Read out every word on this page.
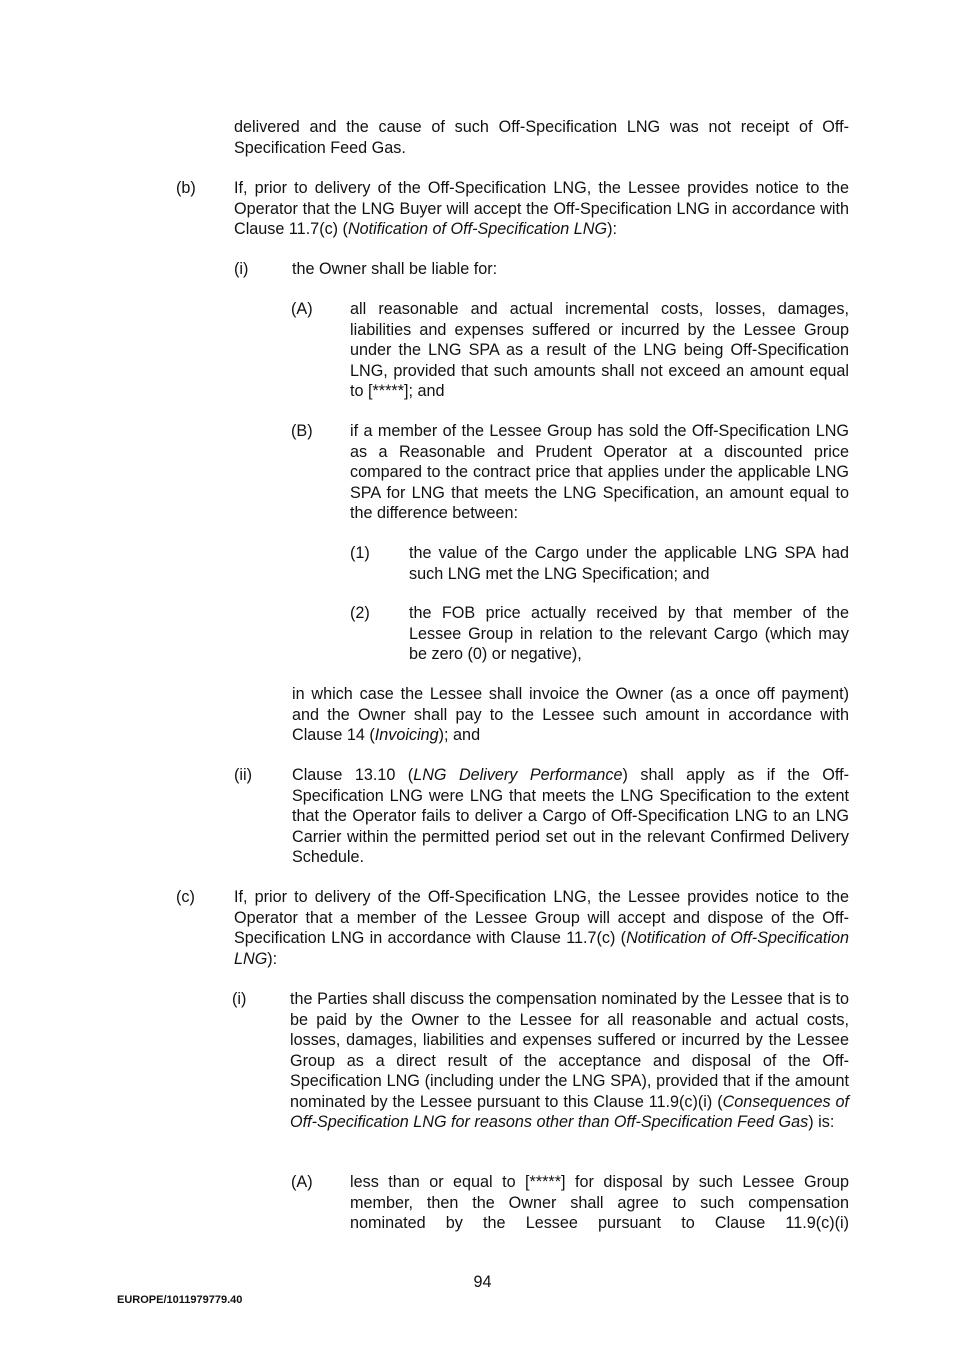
delivered and the cause of such Off-Specification LNG was not receipt of Off-Specification Feed Gas.

(b) If, prior to delivery of the Off-Specification LNG, the Lessee provides notice to the Operator that the LNG Buyer will accept the Off-Specification LNG in accordance with Clause 11.7(c) (Notification of Off-Specification LNG):

(i)	the Owner shall be liable for:

(A) all reasonable and actual incremental costs, losses, damages, liabilities and expenses suffered or incurred by the Lessee Group under the LNG SPA as a result of the LNG being Off-Specification LNG, provided that such amounts shall not exceed an amount equal to [*****]; and

(B) if a member of the Lessee Group has sold the Off-Specification LNG as a Reasonable and Prudent Operator at a discounted price compared to the contract price that applies under the applicable LNG SPA for LNG that meets the LNG Specification, an amount equal to the difference between:

(1) the value of the Cargo under the applicable LNG SPA had such LNG met the LNG Specification; and

(2) the FOB price actually received by that member of the Lessee Group in relation to the relevant Cargo (which may be zero (0) or negative),

in which case the Lessee shall invoice the Owner (as a once off payment) and the Owner shall pay to the Lessee such amount in accordance with Clause 14 (Invoicing); and

(ii) Clause 13.10 (LNG Delivery Performance) shall apply as if the Off-Specification LNG were LNG that meets the LNG Specification to the extent that the Operator fails to deliver a Cargo of Off-Specification LNG to an LNG Carrier within the permitted period set out in the relevant Confirmed Delivery Schedule.

(c) If, prior to delivery of the Off-Specification LNG, the Lessee provides notice to the Operator that a member of the Lessee Group will accept and dispose of the Off-Specification LNG in accordance with Clause 11.7(c) (Notification of Off-Specification LNG):

(i)	the Parties shall discuss the compensation nominated by the Lessee that is to be paid by the Owner to the Lessee for all reasonable and actual costs, losses, damages, liabilities and expenses suffered or incurred by the Lessee Group as a direct result of the acceptance and disposal of the Off-Specification LNG (including under the LNG SPA), provided that if the amount nominated by the Lessee pursuant to this Clause 11.9(c)(i) (Consequences of Off-Specification LNG for reasons other than Off-Specification Feed Gas) is:

(A) less than or equal to [*****] for disposal by such Lessee Group member, then the Owner shall agree to such compensation nominated by the Lessee pursuant to Clause 11.9(c)(i)

94
EUROPE/1011979779.40
